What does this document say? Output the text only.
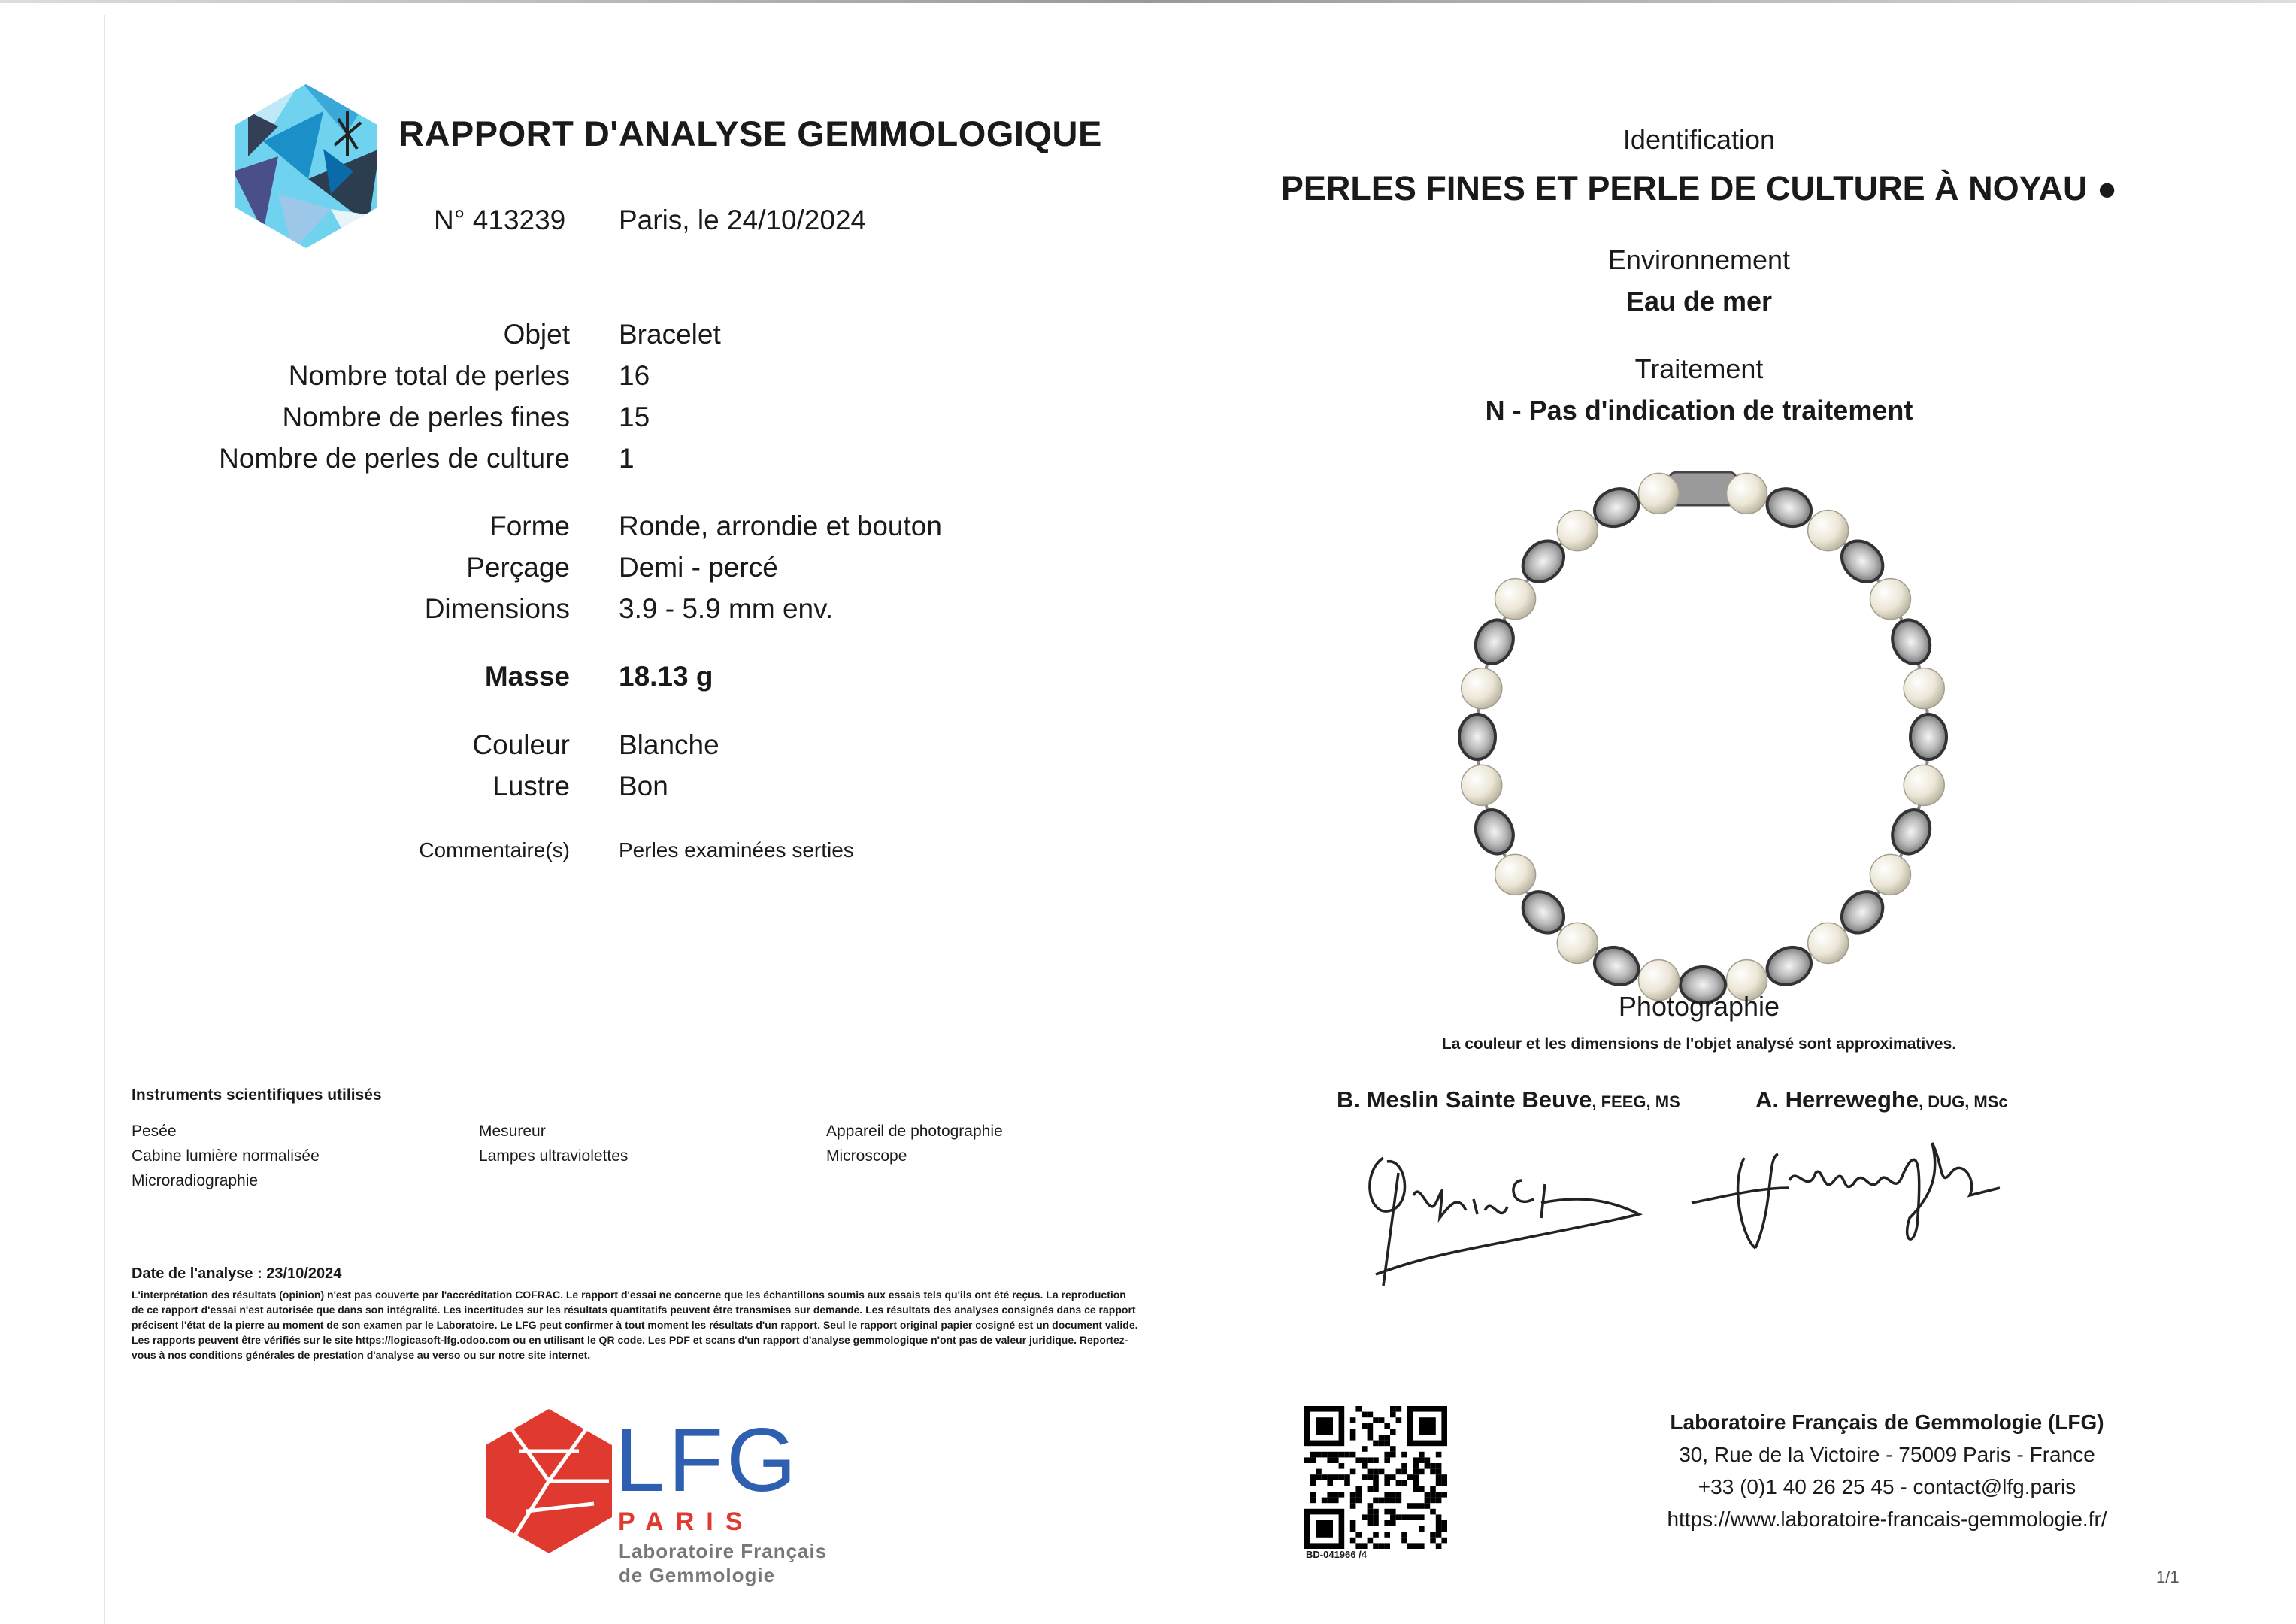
RAPPORT D'ANALYSE GEMMOLOGIQUE
N° 413239 Paris, le 24/10/2024
Objet Bracelet
Nombre total de perles 16
Nombre de perles fines 15
Nombre de perles de culture 1
Forme Ronde, arrondie et bouton
Perçage Demi - percé
Dimensions 3.9 - 5.9 mm env.
Masse 18.13 g
Couleur Blanche
Lustre Bon
Commentaire(s) Perles examinées serties
Instruments scientifiques utilisés
Pesée
Cabine lumière normalisée
Microradiographie
Mesureur
Lampes ultraviolettes
Appareil de photographie
Microscope
Date de l'analyse : 23/10/2024
L'interprétation des résultats (opinion) n'est pas couverte par l'accréditation COFRAC. Le rapport d'essai ne concerne que les échantillons soumis aux essais tels qu'ils ont été reçus. La reproduction de ce rapport d'essai n'est autorisée que dans son intégralité. Les incertitudes sur les résultats quantitatifs peuvent être transmises sur demande. Les résultats des analyses consignés dans ce rapport précisent l'état de la pierre au moment de son examen par le Laboratoire. Le LFG peut confirmer à tout moment les résultats d'un rapport. Seul le rapport original papier cosigné est un document valide. Les rapports peuvent être vérifiés sur le site https://logicasoft-lfg.odoo.com ou en utilisant le QR code. Les PDF et scans d'un rapport d'analyse gemmologique n'ont pas de valeur juridique. Reportez-vous à nos conditions générales de prestation d'analyse au verso ou sur notre site internet.
LFG
PARIS
Laboratoire Français
de Gemmologie
Identification
PERLES FINES ET PERLE DE CULTURE À NOYAU ●
Environnement
Eau de mer
Traitement
N - Pas d'indication de traitement
Photographie
La couleur et les dimensions de l'objet analysé sont approximatives.
B. Meslin Sainte Beuve, FEEG, MS	A. Herreweghe, DUG, MSc
BD-041966 /4
Laboratoire Français de Gemmologie (LFG)
30, Rue de la Victoire - 75009 Paris - France
+33 (0)1 40 26 25 45 - contact@lfg.paris
https://www.laboratoire-francais-gemmologie.fr/
1/1
